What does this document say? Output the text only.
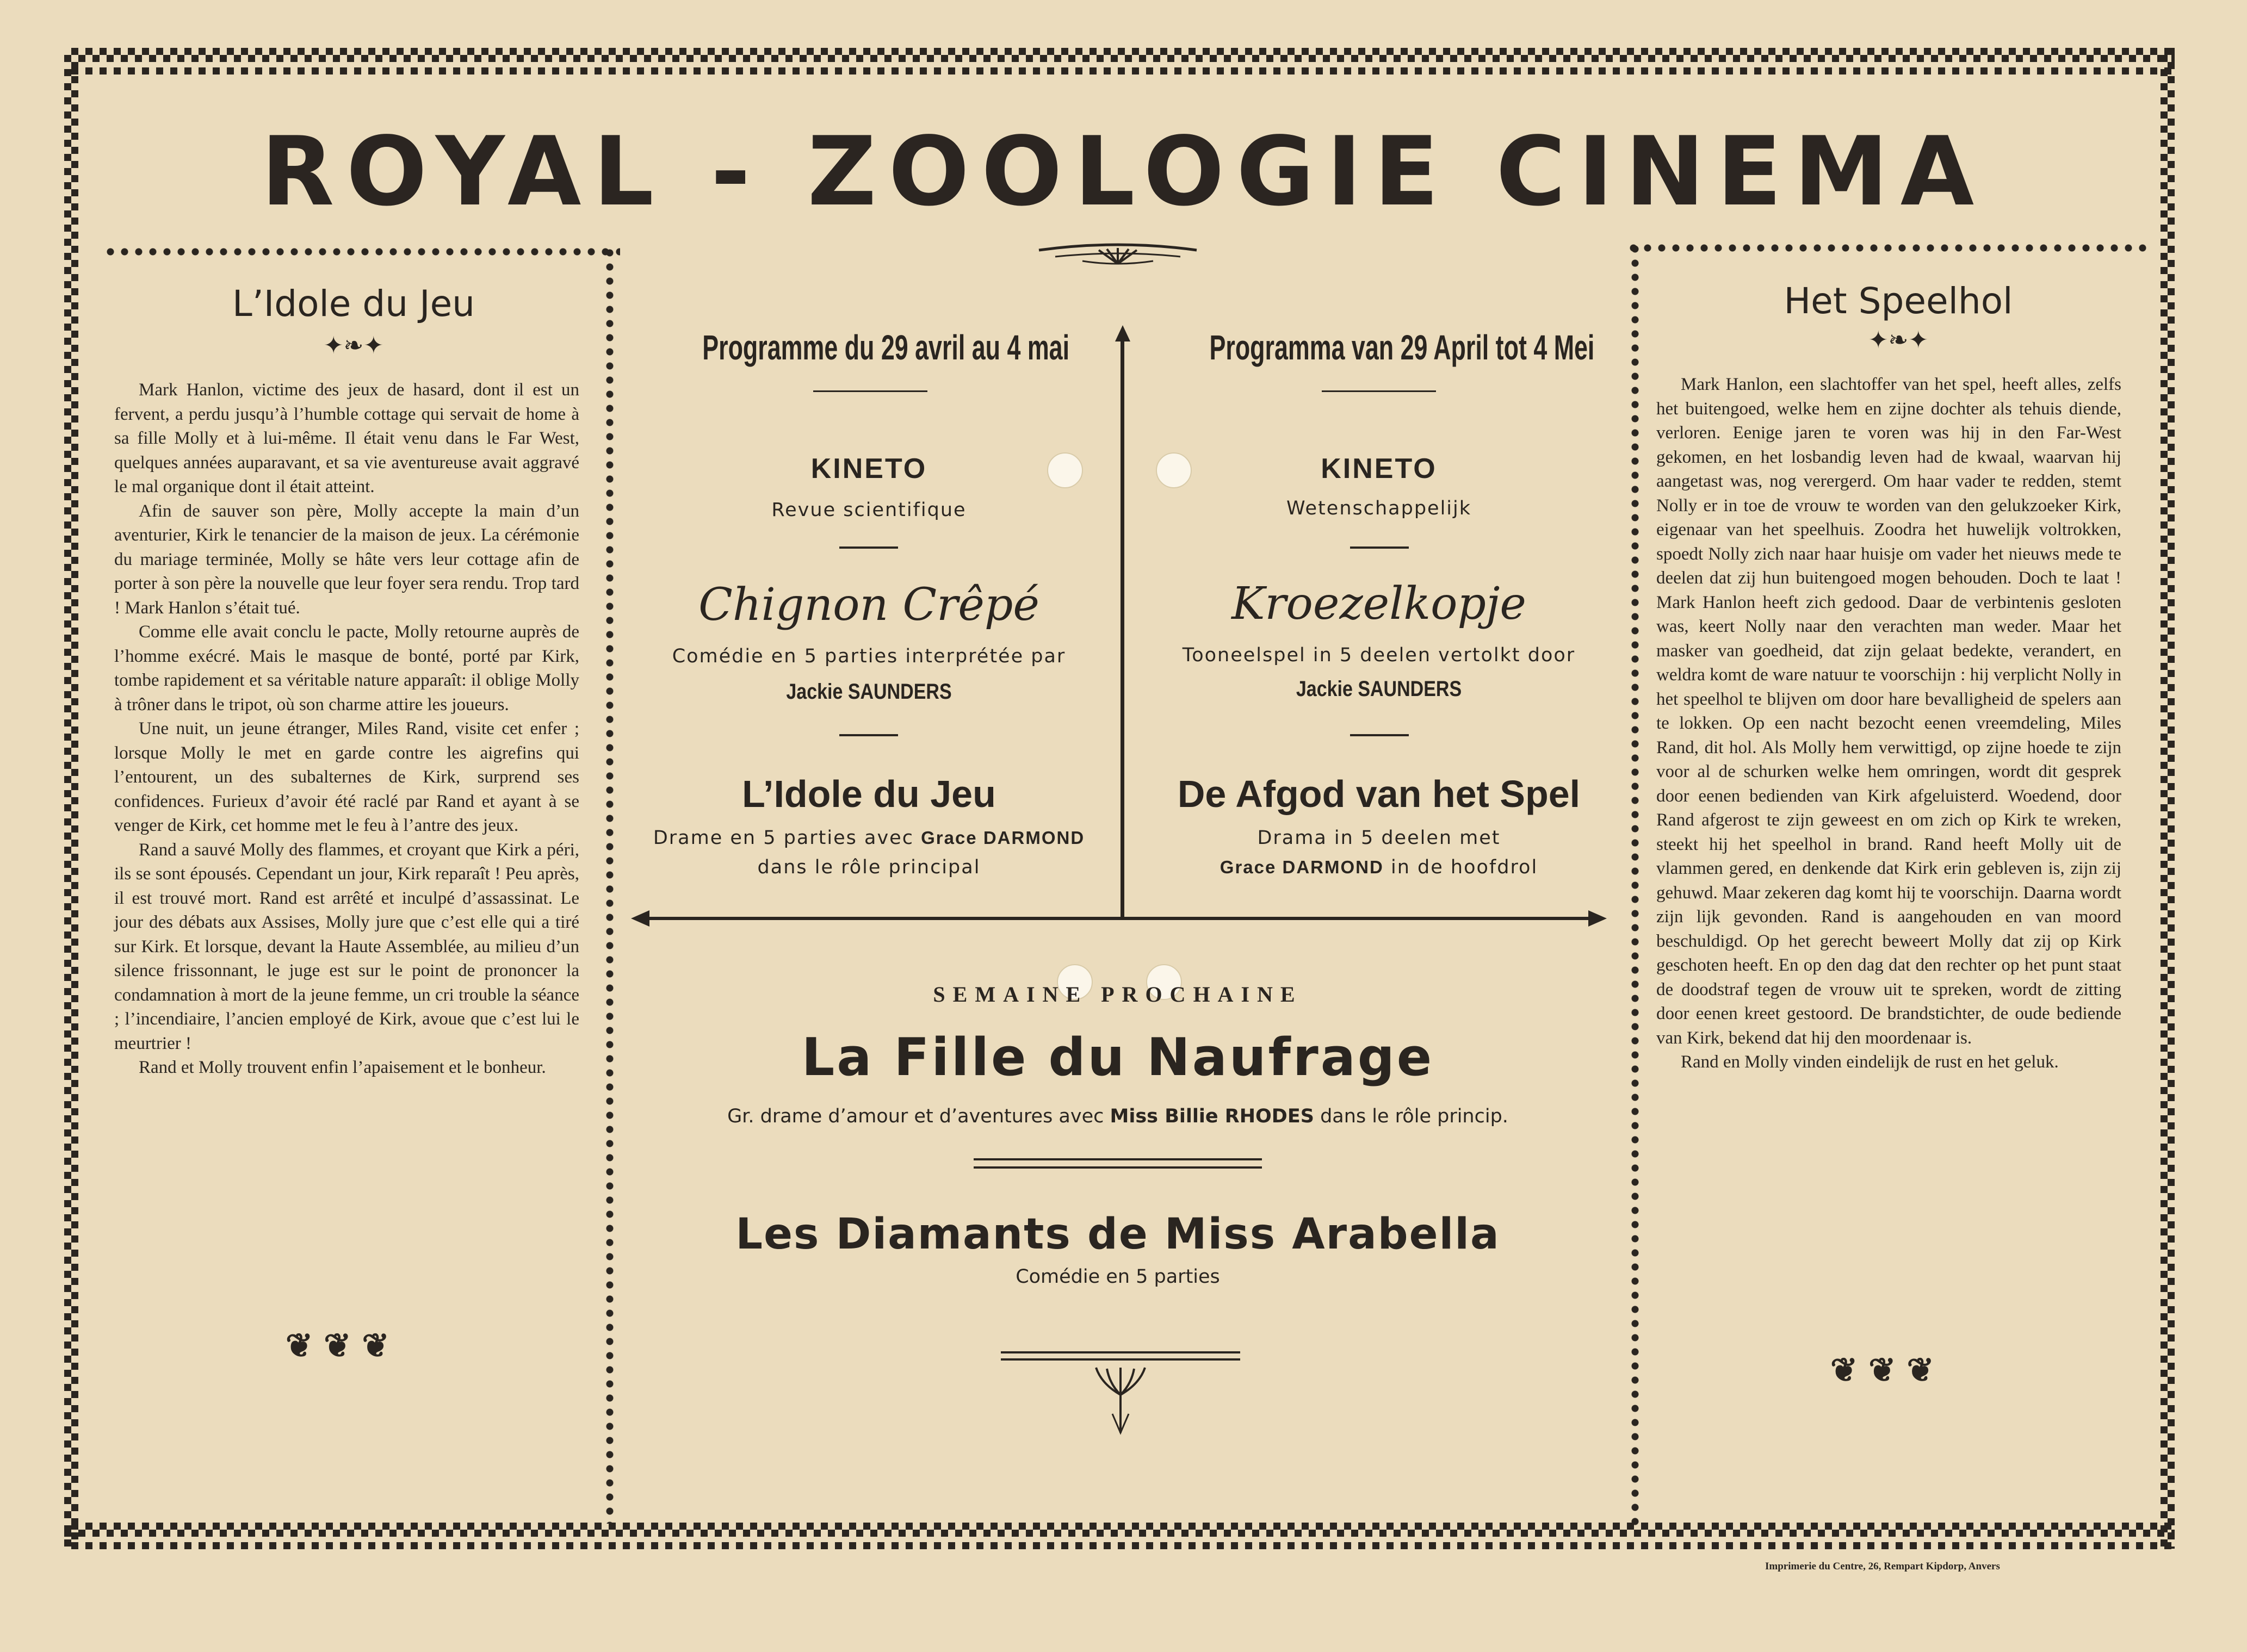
ROYAL - ZOOLOGIE CINEMA
L’Idole du Jeu
✦❧✦

Mark Hanlon, victime des jeux de hasard, dont il est un fervent, a perdu jusqu’à l’humble cottage qui servait de home à sa fille Molly et à lui-même. Il était venu dans le Far West, quelques années auparavant, et sa vie aventureuse avait aggravé le mal organique dont il était atteint.

Afin de sauver son père, Molly accepte la main d’un aventurier, Kirk le tenancier de la maison de jeux. La cérémonie du mariage terminée, Molly se hâte vers leur cottage afin de porter à son père la nouvelle que leur foyer sera rendu. Trop tard ! Mark Hanlon s’était tué.

Comme elle avait conclu le pacte, Molly retourne auprès de l’homme exécré. Mais le masque de bonté, porté par Kirk, tombe rapidement et sa véritable nature apparaît: il oblige Molly à trôner dans le tripot, où son charme attire les joueurs.

Une nuit, un jeune étranger, Miles Rand, visite cet enfer ; lorsque Molly le met en garde contre les aigrefins qui l’entourent, un des subalternes de Kirk, surprend ses confidences. Furieux d’avoir été raclé par Rand et ayant à se venger de Kirk, cet homme met le feu à l’antre des jeux.

Rand a sauvé Molly des flammes, et croyant que Kirk a péri, ils se sont épousés. Cependant un jour, Kirk reparaît ! Peu après, il est trouvé mort. Rand est arrêté et inculpé d’assassinat. Le jour des débats aux Assises, Molly jure que c’est elle qui a tiré sur Kirk. Et lorsque, devant la Haute Assemblée, au milieu d’un silence frissonnant, le juge est sur le point de prononcer la condamnation à mort de la jeune femme, un cri trouble la séance ; l’incendiaire, l’ancien employé de Kirk, avoue que c’est lui le meurtrier !

Rand et Molly trouvent enfin l’apaisement et le bonheur.

❦❦❦
Het Speelhol
✦❧✦

Mark Hanlon, een slachtoffer van het spel, heeft alles, zelfs het buitengoed, welke hem en zijne dochter als tehuis diende, verloren. Eenige jaren te voren was hij in den Far-West gekomen, en het losbandig leven had de kwaal, waarvan hij aangetast was, nog verergerd. Om haar vader te redden, stemt Nolly er in toe de vrouw te worden van den gelukzoeker Kirk, eigenaar van het speelhuis. Zoodra het huwelijk voltrokken, spoedt Nolly zich naar haar huisje om vader het nieuws mede te deelen dat zij hun buitengoed mogen behouden. Doch te laat ! Mark Hanlon heeft zich gedood. Daar de verbintenis gesloten was, keert Nolly naar den verachten man weder. Maar het masker van goedheid, dat zijn gelaat bedekte, verandert, en weldra komt de ware natuur te voorschijn : hij verplicht Nolly in het speelhol te blijven om door hare bevalligheid de spelers aan te lokken. Op een nacht bezocht eenen vreemdeling, Miles Rand, dit hol. Als Molly hem verwittigd, op zijne hoede te zijn voor al de schurken welke hem omringen, wordt dit gesprek door eenen bedienden van Kirk afgeluisterd. Woedend, door Rand afgerost te zijn geweest en om zich op Kirk te wreken, steekt hij het speelhol in brand. Rand heeft Molly uit de vlammen gered, en denkende dat Kirk erin gebleven is, zijn zij gehuwd. Maar zekeren dag komt hij te voorschijn. Daarna wordt zijn lijk gevonden. Rand is aangehouden en van moord beschuldigd. Op het gerecht beweert Molly dat zij op Kirk geschoten heeft. En op den dag dat den rechter op het punt staat de doodstraf tegen de vrouw uit te spreken, wordt de zitting door eenen kreet gestoord. De brandstichter, de oude bediende van Kirk, bekend dat hij den moordenaar is.

Rand en Molly vinden eindelijk de rust en het geluk.

❦❦❦
Programme du 29 avril au 4 mai
KINETO
Revue scientifique
Chignon Crêpé
Comédie en 5 parties interprétée par
Jackie SAUNDERS
L’Idole du Jeu
Drame en 5 parties avec Grace DARMOND
dans le rôle principal
Programma van 29 April tot 4 Mei
KINETO
Wetenschappelijk
Kroezelkopje
Tooneelspel in 5 deelen vertolkt door
Jackie SAUNDERS
De Afgod van het Spel
Drama in 5 deelen met
Grace DARMOND in de hoofdrol
SEMAINE PROCHAINE
La Fille du Naufrage
Gr. drame d’amour et d’aventures avec Miss Billie RHODES dans le rôle princip.
Les Diamants de Miss Arabella
Comédie en 5 parties
Imprimerie du Centre, 26, Rempart Kipdorp, Anvers
